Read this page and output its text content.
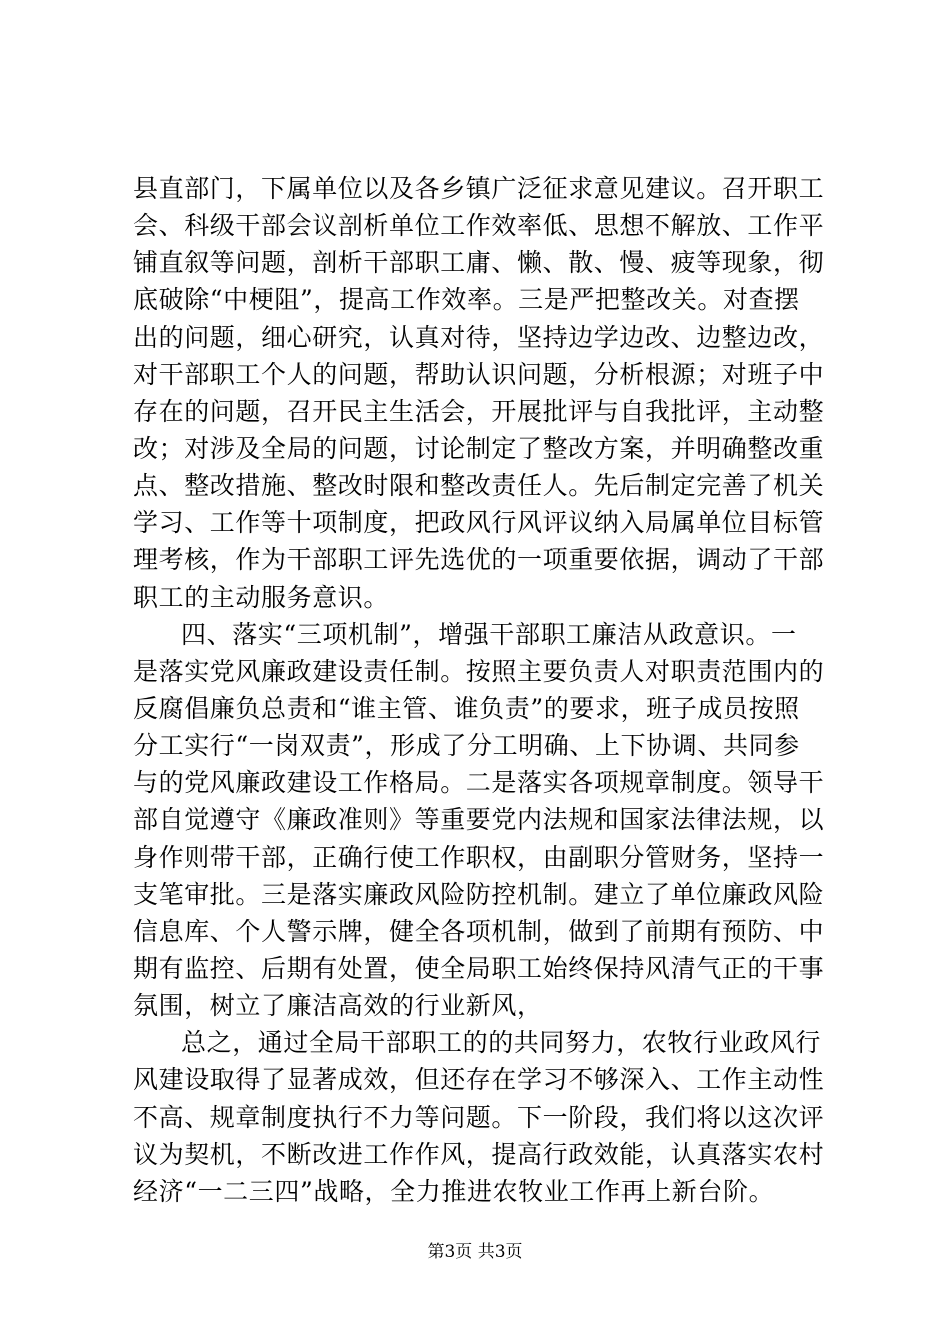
县直部门，下属单位以及各乡镇广泛征求意见建议。召开职工
会、科级干部会议剖析单位工作效率低、思想不解放、工作平
铺直叙等问题，剖析干部职工庸、懒、散、慢、疲等现象，彻
底破除“中梗阻”，提高工作效率。三是严把整改关。对查摆
出的问题，细心研究，认真对待，坚持边学边改、边整边改，
对干部职工个人的问题，帮助认识问题，分析根源；对班子中
存在的问题，召开民主生活会，开展批评与自我批评，主动整
改；对涉及全局的问题，讨论制定了整改方案，并明确整改重
点、整改措施、整改时限和整改责任人。先后制定完善了机关
学习、工作等十项制度，把政风行风评议纳入局属单位目标管
理考核，作为干部职工评先选优的一项重要依据，调动了干部
职工的主动服务意识。
四、落实“三项机制”，增强干部职工廉洁从政意识。一
是落实党风廉政建设责任制。按照主要负责人对职责范围内的
反腐倡廉负总责和“谁主管、谁负责”的要求，班子成员按照
分工实行“一岗双责”，形成了分工明确、上下协调、共同参
与的党风廉政建设工作格局。二是落实各项规章制度。领导干
部自觉遵守《廉政准则》等重要党内法规和国家法律法规，以
身作则带干部，正确行使工作职权，由副职分管财务，坚持一
支笔审批。三是落实廉政风险防控机制。建立了单位廉政风险
信息库、个人警示牌，健全各项机制，做到了前期有预防、中
期有监控、后期有处置，使全局职工始终保持风清气正的干事
氛围，树立了廉洁高效的行业新风，
总之，通过全局干部职工的的共同努力，农牧行业政风行
风建设取得了显著成效，但还存在学习不够深入、工作主动性
不高、规章制度执行不力等问题。下一阶段，我们将以这次评
议为契机，不断改进工作作风，提高行政效能，认真落实农村
经济“一二三四”战略，全力推进农牧业工作再上新台阶。
第3页 共3页
